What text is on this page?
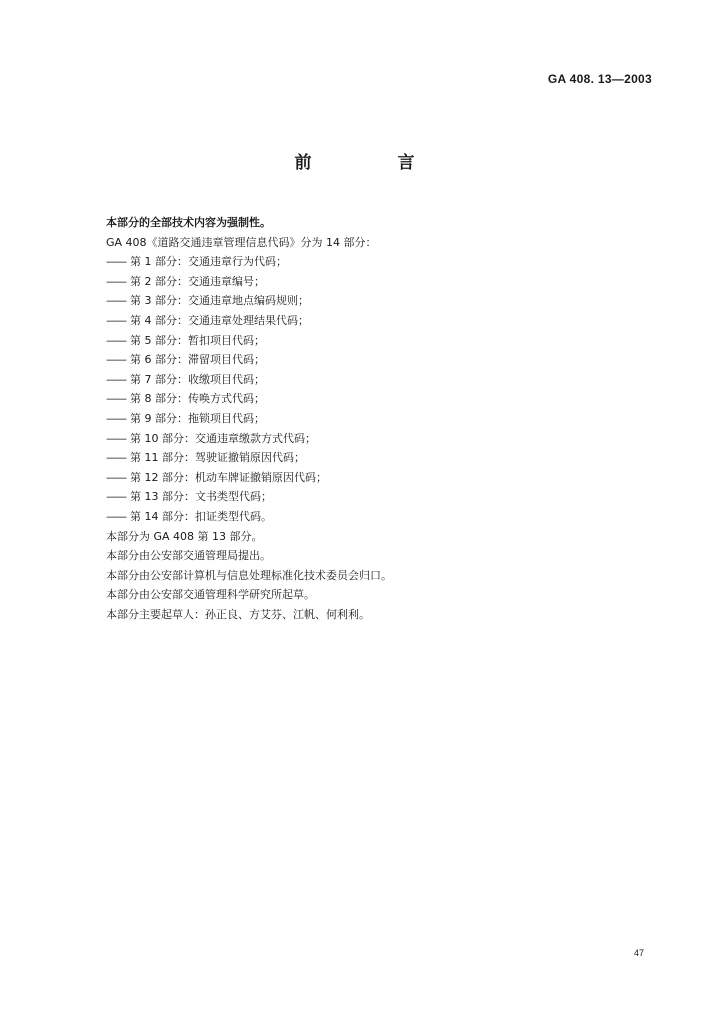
GA 408. 13—2003
前 言
本部分的全部技术内容为强制性。
GA 408《道路交通违章管理信息代码》分为 14 部分：
—— 第 1 部分：交通违章行为代码；
—— 第 2 部分：交通违章编号；
—— 第 3 部分：交通违章地点编码规则；
—— 第 4 部分：交通违章处理结果代码；
—— 第 5 部分：暂扣项目代码；
—— 第 6 部分：滞留项目代码；
—— 第 7 部分：收缴项目代码；
—— 第 8 部分：传唤方式代码；
—— 第 9 部分：拖锁项目代码；
—— 第 10 部分：交通违章缴款方式代码；
—— 第 11 部分：驾驶证撤销原因代码；
—— 第 12 部分：机动车牌证撤销原因代码；
—— 第 13 部分：文书类型代码；
—— 第 14 部分：扣证类型代码。
本部分为 GA 408 第 13 部分。
本部分由公安部交通管理局提出。
本部分由公安部计算机与信息处理标准化技术委员会归口。
本部分由公安部交通管理科学研究所起草。
本部分主要起草人：孙正良、方艾芬、江帆、何利利。
47
